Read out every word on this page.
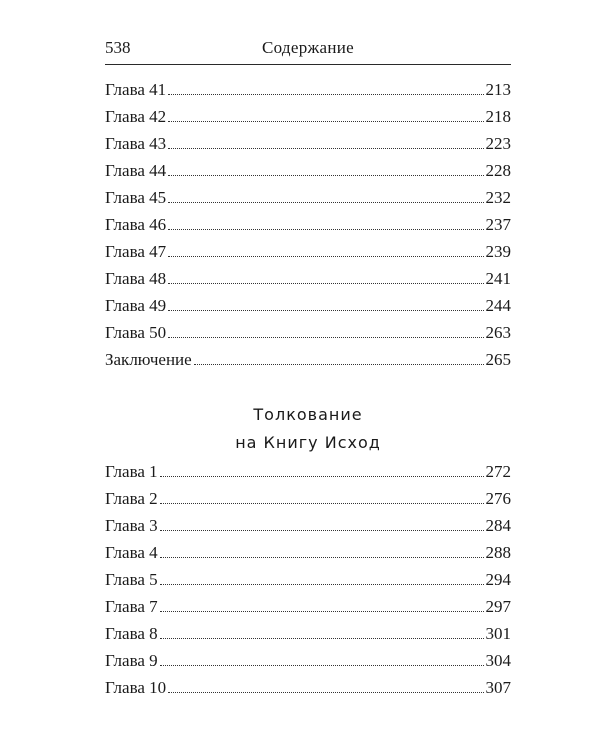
538	Содержание
Глава 41	213
Глава 42	218
Глава 43	223
Глава 44	228
Глава 45	232
Глава 46	237
Глава 47	239
Глава 48	241
Глава 49	244
Глава 50	263
Заключение	265
Толкование
на Книгу Исход
Глава 1	272
Глава 2	276
Глава 3	284
Глава 4	288
Глава 5	294
Глава 7	297
Глава 8	301
Глава 9	304
Глава 10	307
